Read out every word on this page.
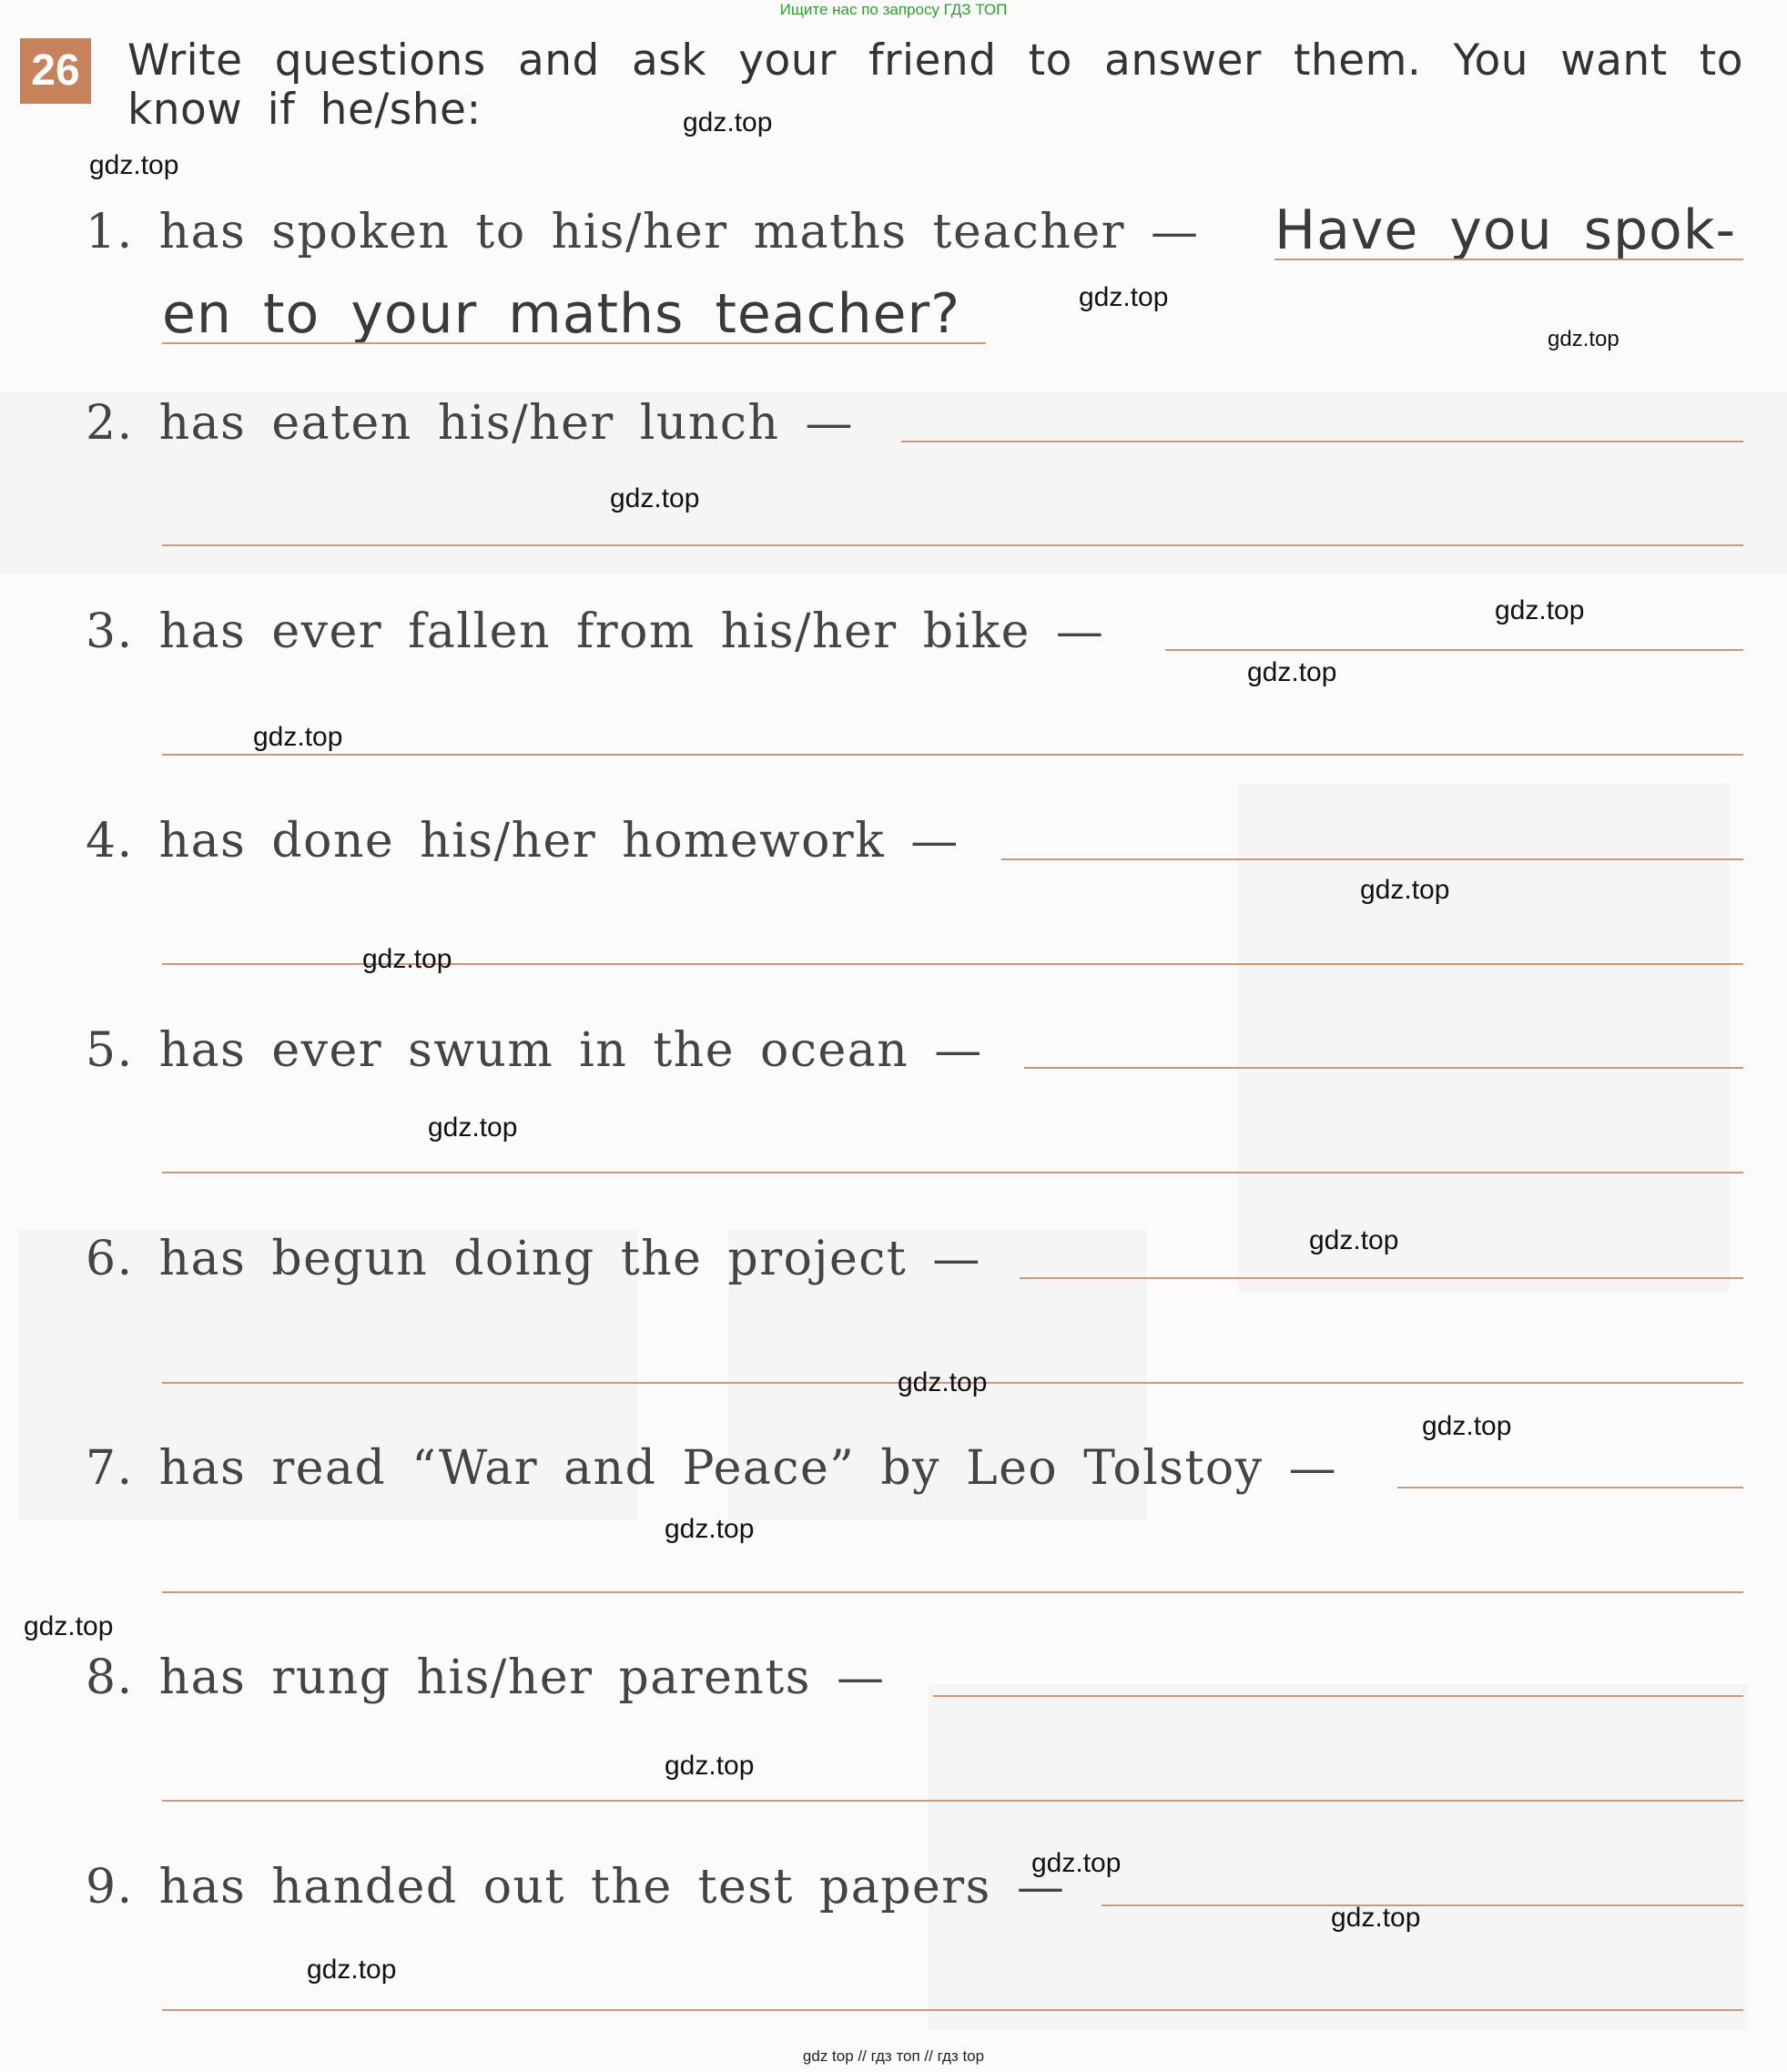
Ищите нас по запросу ГДЗ ТОП
26 Write questions and ask your friend to answer them. You want to know if he/she:
1. has spoken to his/her maths teacher — Have you spok-
en to your maths teacher?
2. has eaten his/her lunch —
3. has ever fallen from his/her bike —
4. has done his/her homework —
5. has ever swum in the ocean —
6. has begun doing the project —
7. has read “War and Peace” by Leo Tolstoy —
8. has rung his/her parents —
9. has handed out the test papers —
gdz.top
gdz.top
gdz.top
gdz.top
gdz.top
gdz.top
gdz.top
gdz.top
gdz.top
gdz.top
gdz.top
gdz.top
gdz.top
gdz.top
gdz.top
gdz.top
gdz.top
gdz.top
gdz.top
gdz.top
gdz top // гдз топ // гдз top
